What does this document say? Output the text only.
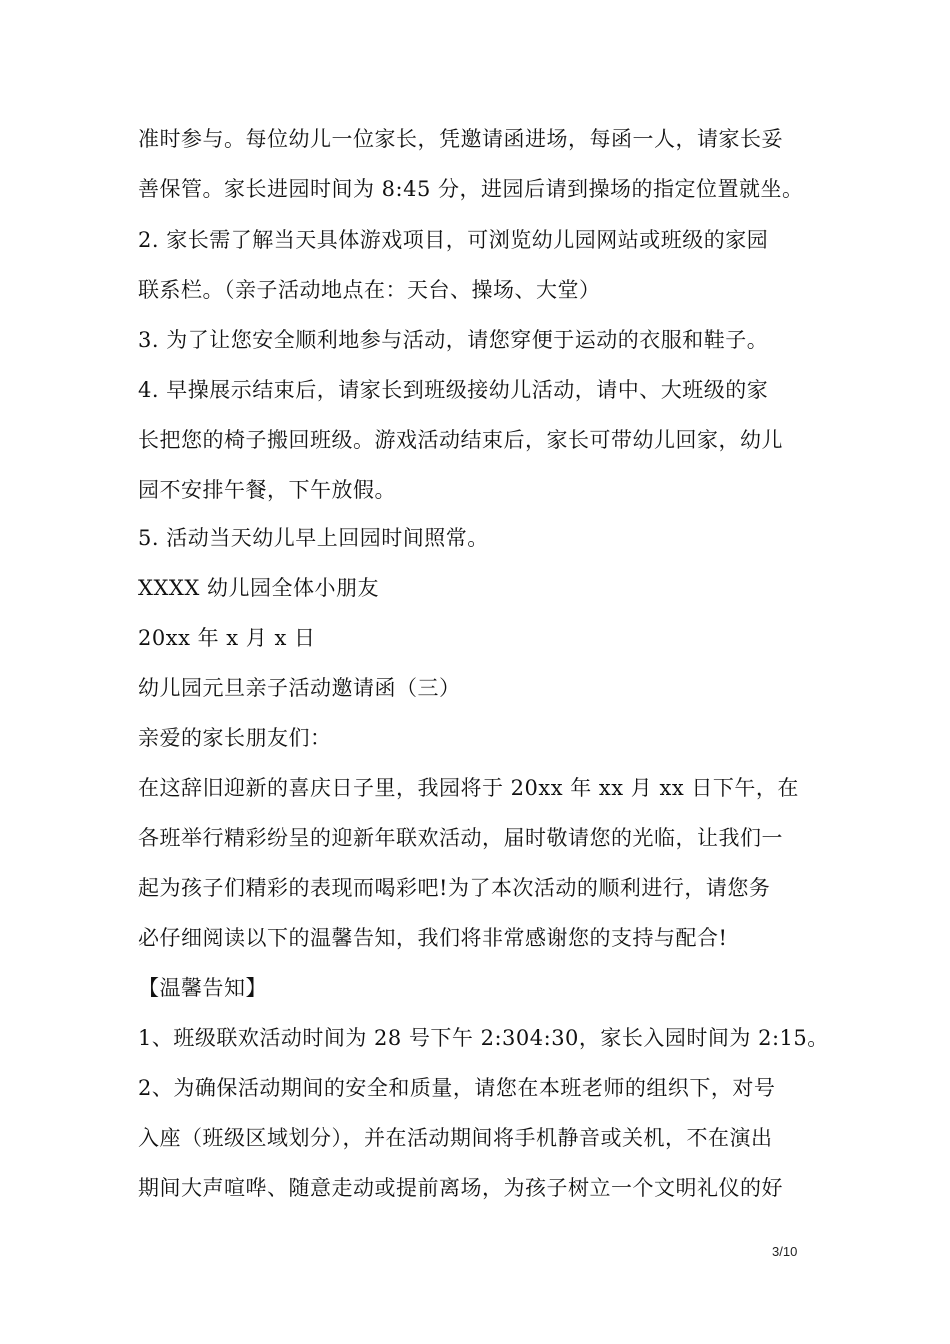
准时参与。每位幼儿一位家长，凭邀请函进场，每函一人，请家长妥
善保管。家长进园时间为 8:45 分，进园后请到操场的指定位置就坐。
2. 家长需了解当天具体游戏项目，可浏览幼儿园网站或班级的家园
联系栏。（亲子活动地点在：天台、操场、大堂）
3. 为了让您安全顺利地参与活动，请您穿便于运动的衣服和鞋子。
4. 早操展示结束后，请家长到班级接幼儿活动，请中、大班级的家
长把您的椅子搬回班级。游戏活动结束后，家长可带幼儿回家，幼儿
园不安排午餐，下午放假。
5. 活动当天幼儿早上回园时间照常。
XXXX 幼儿园全体小朋友
20xx 年 x 月 x 日
幼儿园元旦亲子活动邀请函（三）
亲爱的家长朋友们：
在这辞旧迎新的喜庆日子里，我园将于 20xx 年 xx 月 xx 日下午，在
各班举行精彩纷呈的迎新年联欢活动，届时敬请您的光临，让我们一
起为孩子们精彩的表现而喝彩吧!为了本次活动的顺利进行，请您务
必仔细阅读以下的温馨告知，我们将非常感谢您的支持与配合!
【温馨告知】
1、班级联欢活动时间为 28 号下午 2:304:30，家长入园时间为 2:15。
2、为确保活动期间的安全和质量，请您在本班老师的组织下，对号
入座（班级区域划分），并在活动期间将手机静音或关机，不在演出
期间大声喧哗、随意走动或提前离场，为孩子树立一个文明礼仪的好
3/10
